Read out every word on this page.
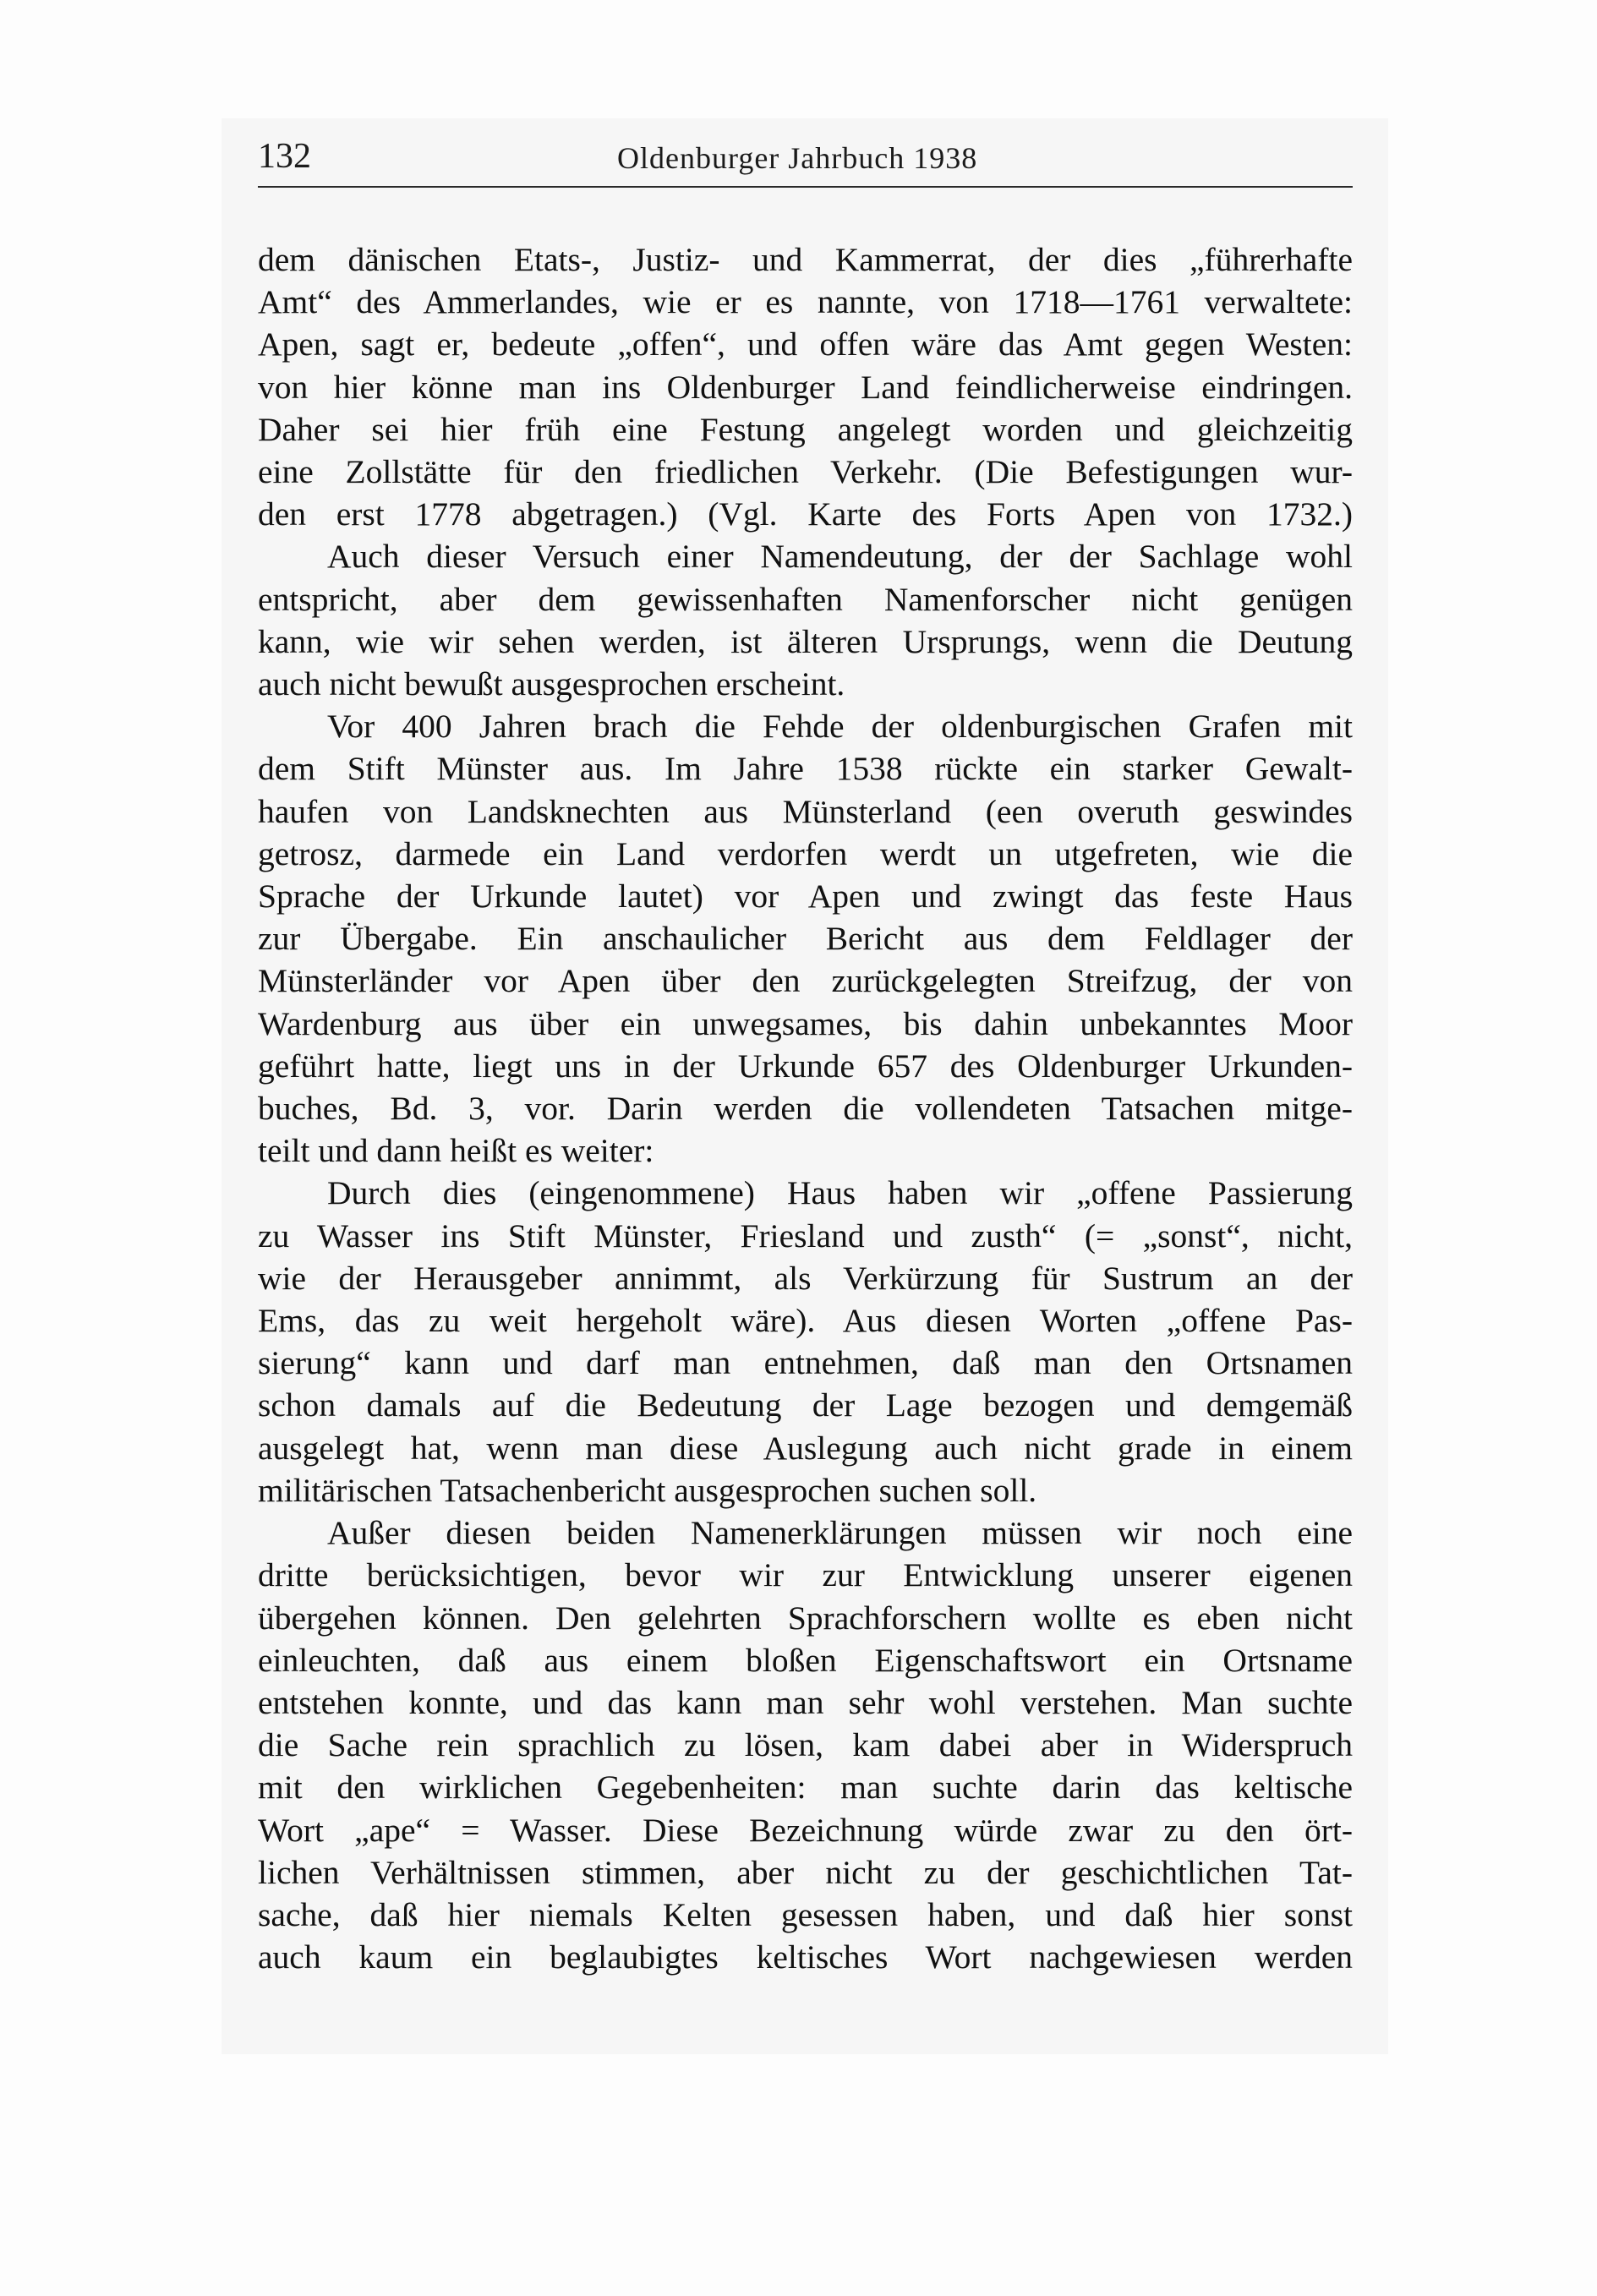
132	Oldenburger Jahrbuch 1938
dem dänischen Etats-, Justiz- und Kammerrat, der dies „führerhafte
Amt“ des Ammerlandes, wie er es nannte, von 1718—1761 verwaltete:
Apen, sagt er, bedeute „offen“, und offen wäre das Amt gegen Westen:
von hier könne man ins Oldenburger Land feindlicherweise eindringen.
Daher sei hier früh eine Festung angelegt worden und gleichzeitig
eine Zollstätte für den friedlichen Verkehr. (Die Befestigungen wur-
den erst 1778 abgetragen.) (Vgl. Karte des Forts Apen von 1732.)
Auch dieser Versuch einer Namendeutung, der der Sachlage wohl
entspricht, aber dem gewissenhaften Namenforscher nicht genügen
kann, wie wir sehen werden, ist älteren Ursprungs, wenn die Deutung
auch nicht bewußt ausgesprochen erscheint.
Vor 400 Jahren brach die Fehde der oldenburgischen Grafen mit
dem Stift Münster aus. Im Jahre 1538 rückte ein starker Gewalt-
haufen von Landsknechten aus Münsterland (een overuth geswindes
getrosz, darmede ein Land verdorfen werdt un utgefreten, wie die
Sprache der Urkunde lautet) vor Apen und zwingt das feste Haus
zur Übergabe. Ein anschaulicher Bericht aus dem Feldlager der
Münsterländer vor Apen über den zurückgelegten Streifzug, der von
Wardenburg aus über ein unwegsames, bis dahin unbekanntes Moor
geführt hatte, liegt uns in der Urkunde 657 des Oldenburger Urkunden-
buches, Bd. 3, vor. Darin werden die vollendeten Tatsachen mitge-
teilt und dann heißt es weiter:
Durch dies (eingenommene) Haus haben wir „offene Passierung
zu Wasser ins Stift Münster, Friesland und zusth“ (= „sonst“, nicht,
wie der Herausgeber annimmt, als Verkürzung für Sustrum an der
Ems, das zu weit hergeholt wäre). Aus diesen Worten „offene Pas-
sierung“ kann und darf man entnehmen, daß man den Ortsnamen
schon damals auf die Bedeutung der Lage bezogen und demgemäß
ausgelegt hat, wenn man diese Auslegung auch nicht grade in einem
militärischen Tatsachenbericht ausgesprochen suchen soll.
Außer diesen beiden Namenerklärungen müssen wir noch eine
dritte berücksichtigen, bevor wir zur Entwicklung unserer eigenen
übergehen können. Den gelehrten Sprachforschern wollte es eben nicht
einleuchten, daß aus einem bloßen Eigenschaftswort ein Ortsname
entstehen konnte, und das kann man sehr wohl verstehen. Man suchte
die Sache rein sprachlich zu lösen, kam dabei aber in Widerspruch
mit den wirklichen Gegebenheiten: man suchte darin das keltische
Wort „ape“ = Wasser. Diese Bezeichnung würde zwar zu den ört-
lichen Verhältnissen stimmen, aber nicht zu der geschichtlichen Tat-
sache, daß hier niemals Kelten gesessen haben, und daß hier sonst
auch kaum ein beglaubigtes keltisches Wort nachgewiesen werden
